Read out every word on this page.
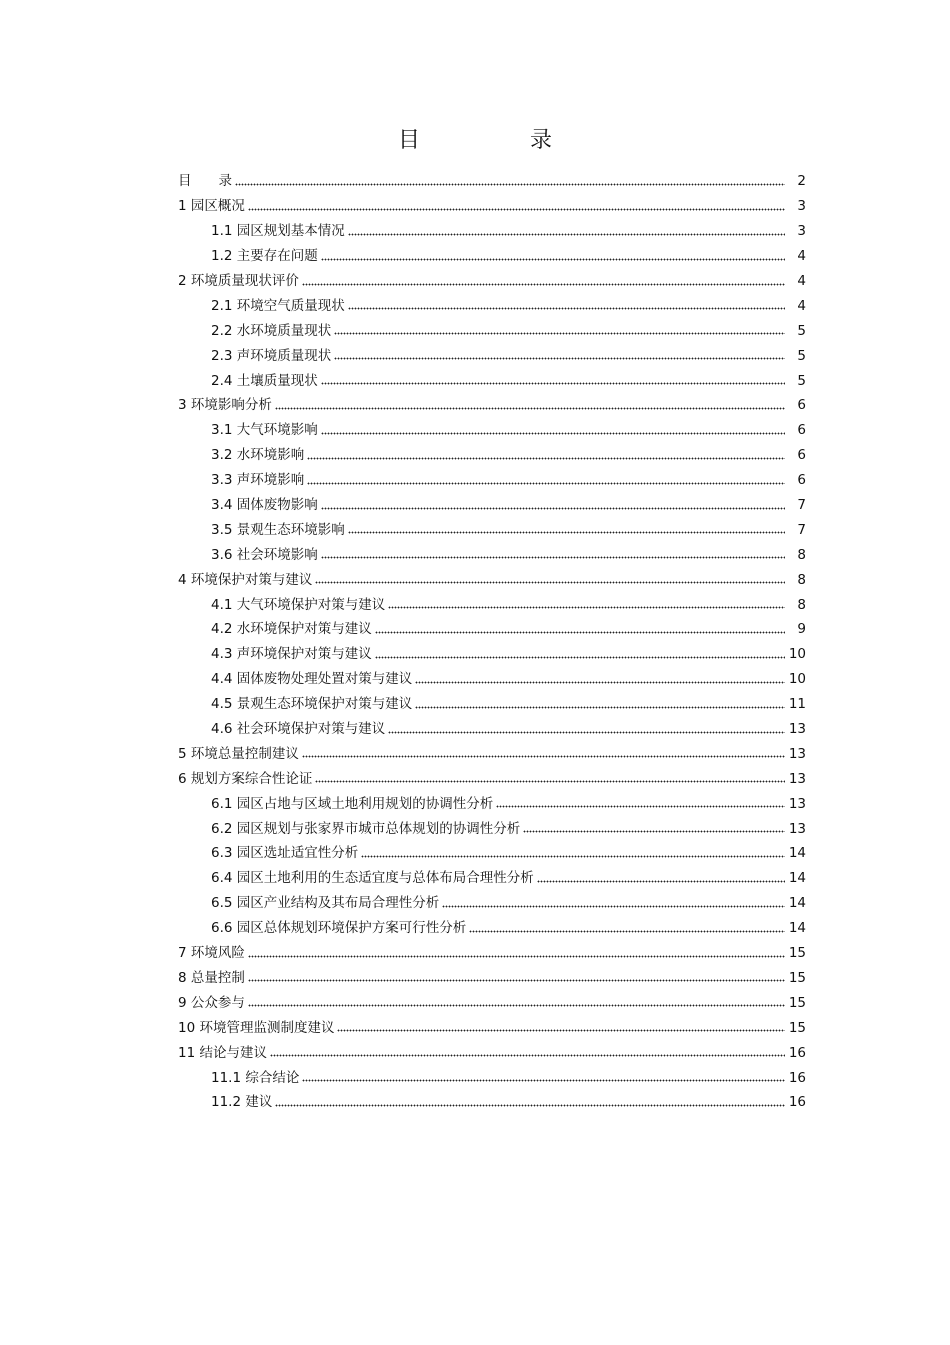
目　录
目　　录	2
1 园区概况	3
1.1 园区规划基本情况	3
1.2 主要存在问题	4
2 环境质量现状评价	4
2.1 环境空气质量现状	4
2.2 水环境质量现状	5
2.3 声环境质量现状	5
2.4 土壤质量现状	5
3 环境影响分析	6
3.1 大气环境影响	6
3.2 水环境影响	6
3.3 声环境影响	6
3.4 固体废物影响	7
3.5 景观生态环境影响	7
3.6 社会环境影响	8
4 环境保护对策与建议	8
4.1 大气环境保护对策与建议	8
4.2 水环境保护对策与建议	9
4.3 声环境保护对策与建议	10
4.4 固体废物处理处置对策与建议	10
4.5 景观生态环境保护对策与建议	11
4.6 社会环境保护对策与建议	13
5 环境总量控制建议	13
6 规划方案综合性论证	13
6.1 园区占地与区域土地利用规划的协调性分析	13
6.2 园区规划与张家界市城市总体规划的协调性分析	13
6.3 园区选址适宜性分析	14
6.4 园区土地利用的生态适宜度与总体布局合理性分析	14
6.5 园区产业结构及其布局合理性分析	14
6.6 园区总体规划环境保护方案可行性分析	14
7 环境风险	15
8 总量控制	15
9 公众参与	15
10 环境管理监测制度建议	15
11 结论与建议	16
11.1 综合结论	16
11.2 建议	16
